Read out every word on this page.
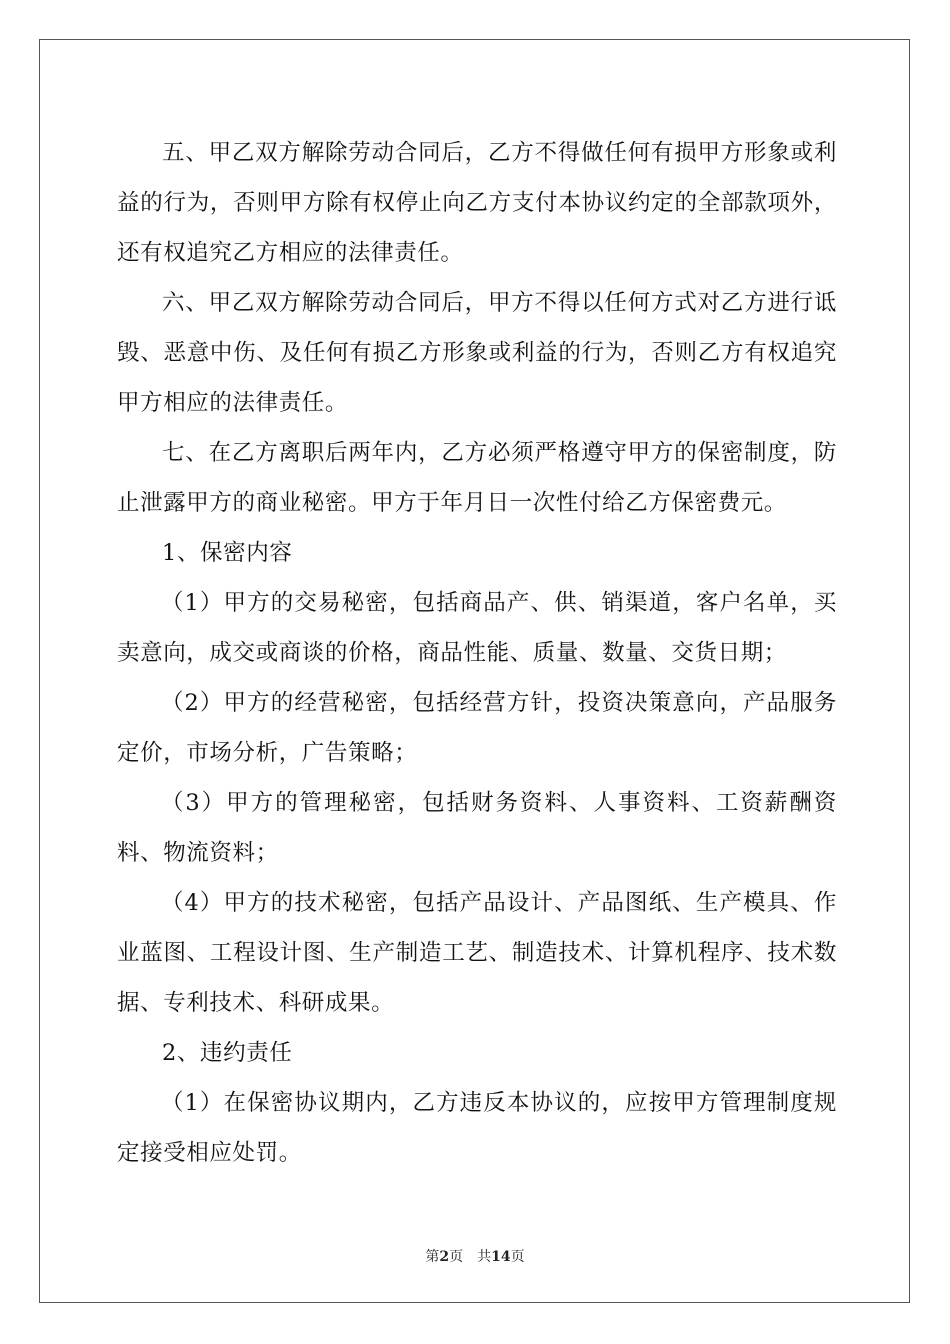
五、甲乙双方解除劳动合同后，乙方不得做任何有损甲方形象或利益的行为，否则甲方除有权停止向乙方支付本协议约定的全部款项外，还有权追究乙方相应的法律责任。

六、甲乙双方解除劳动合同后，甲方不得以任何方式对乙方进行诋毁、恶意中伤、及任何有损乙方形象或利益的行为，否则乙方有权追究甲方相应的法律责任。

七、在乙方离职后两年内，乙方必须严格遵守甲方的保密制度，防止泄露甲方的商业秘密。甲方于年月日一次性付给乙方保密费元。

1、保密内容

（1）甲方的交易秘密，包括商品产、供、销渠道，客户名单，买卖意向，成交或商谈的价格，商品性能、质量、数量、交货日期；

（2）甲方的经营秘密，包括经营方针，投资决策意向，产品服务定价，市场分析，广告策略；

（3）甲方的管理秘密，包括财务资料、人事资料、工资薪酬资料、物流资料；

（4）甲方的技术秘密，包括产品设计、产品图纸、生产模具、作业蓝图、工程设计图、生产制造工艺、制造技术、计算机程序、技术数据、专利技术、科研成果。

2、违约责任

（1）在保密协议期内，乙方违反本协议的，应按甲方管理制度规定接受相应处罚。

第2页 共14页
